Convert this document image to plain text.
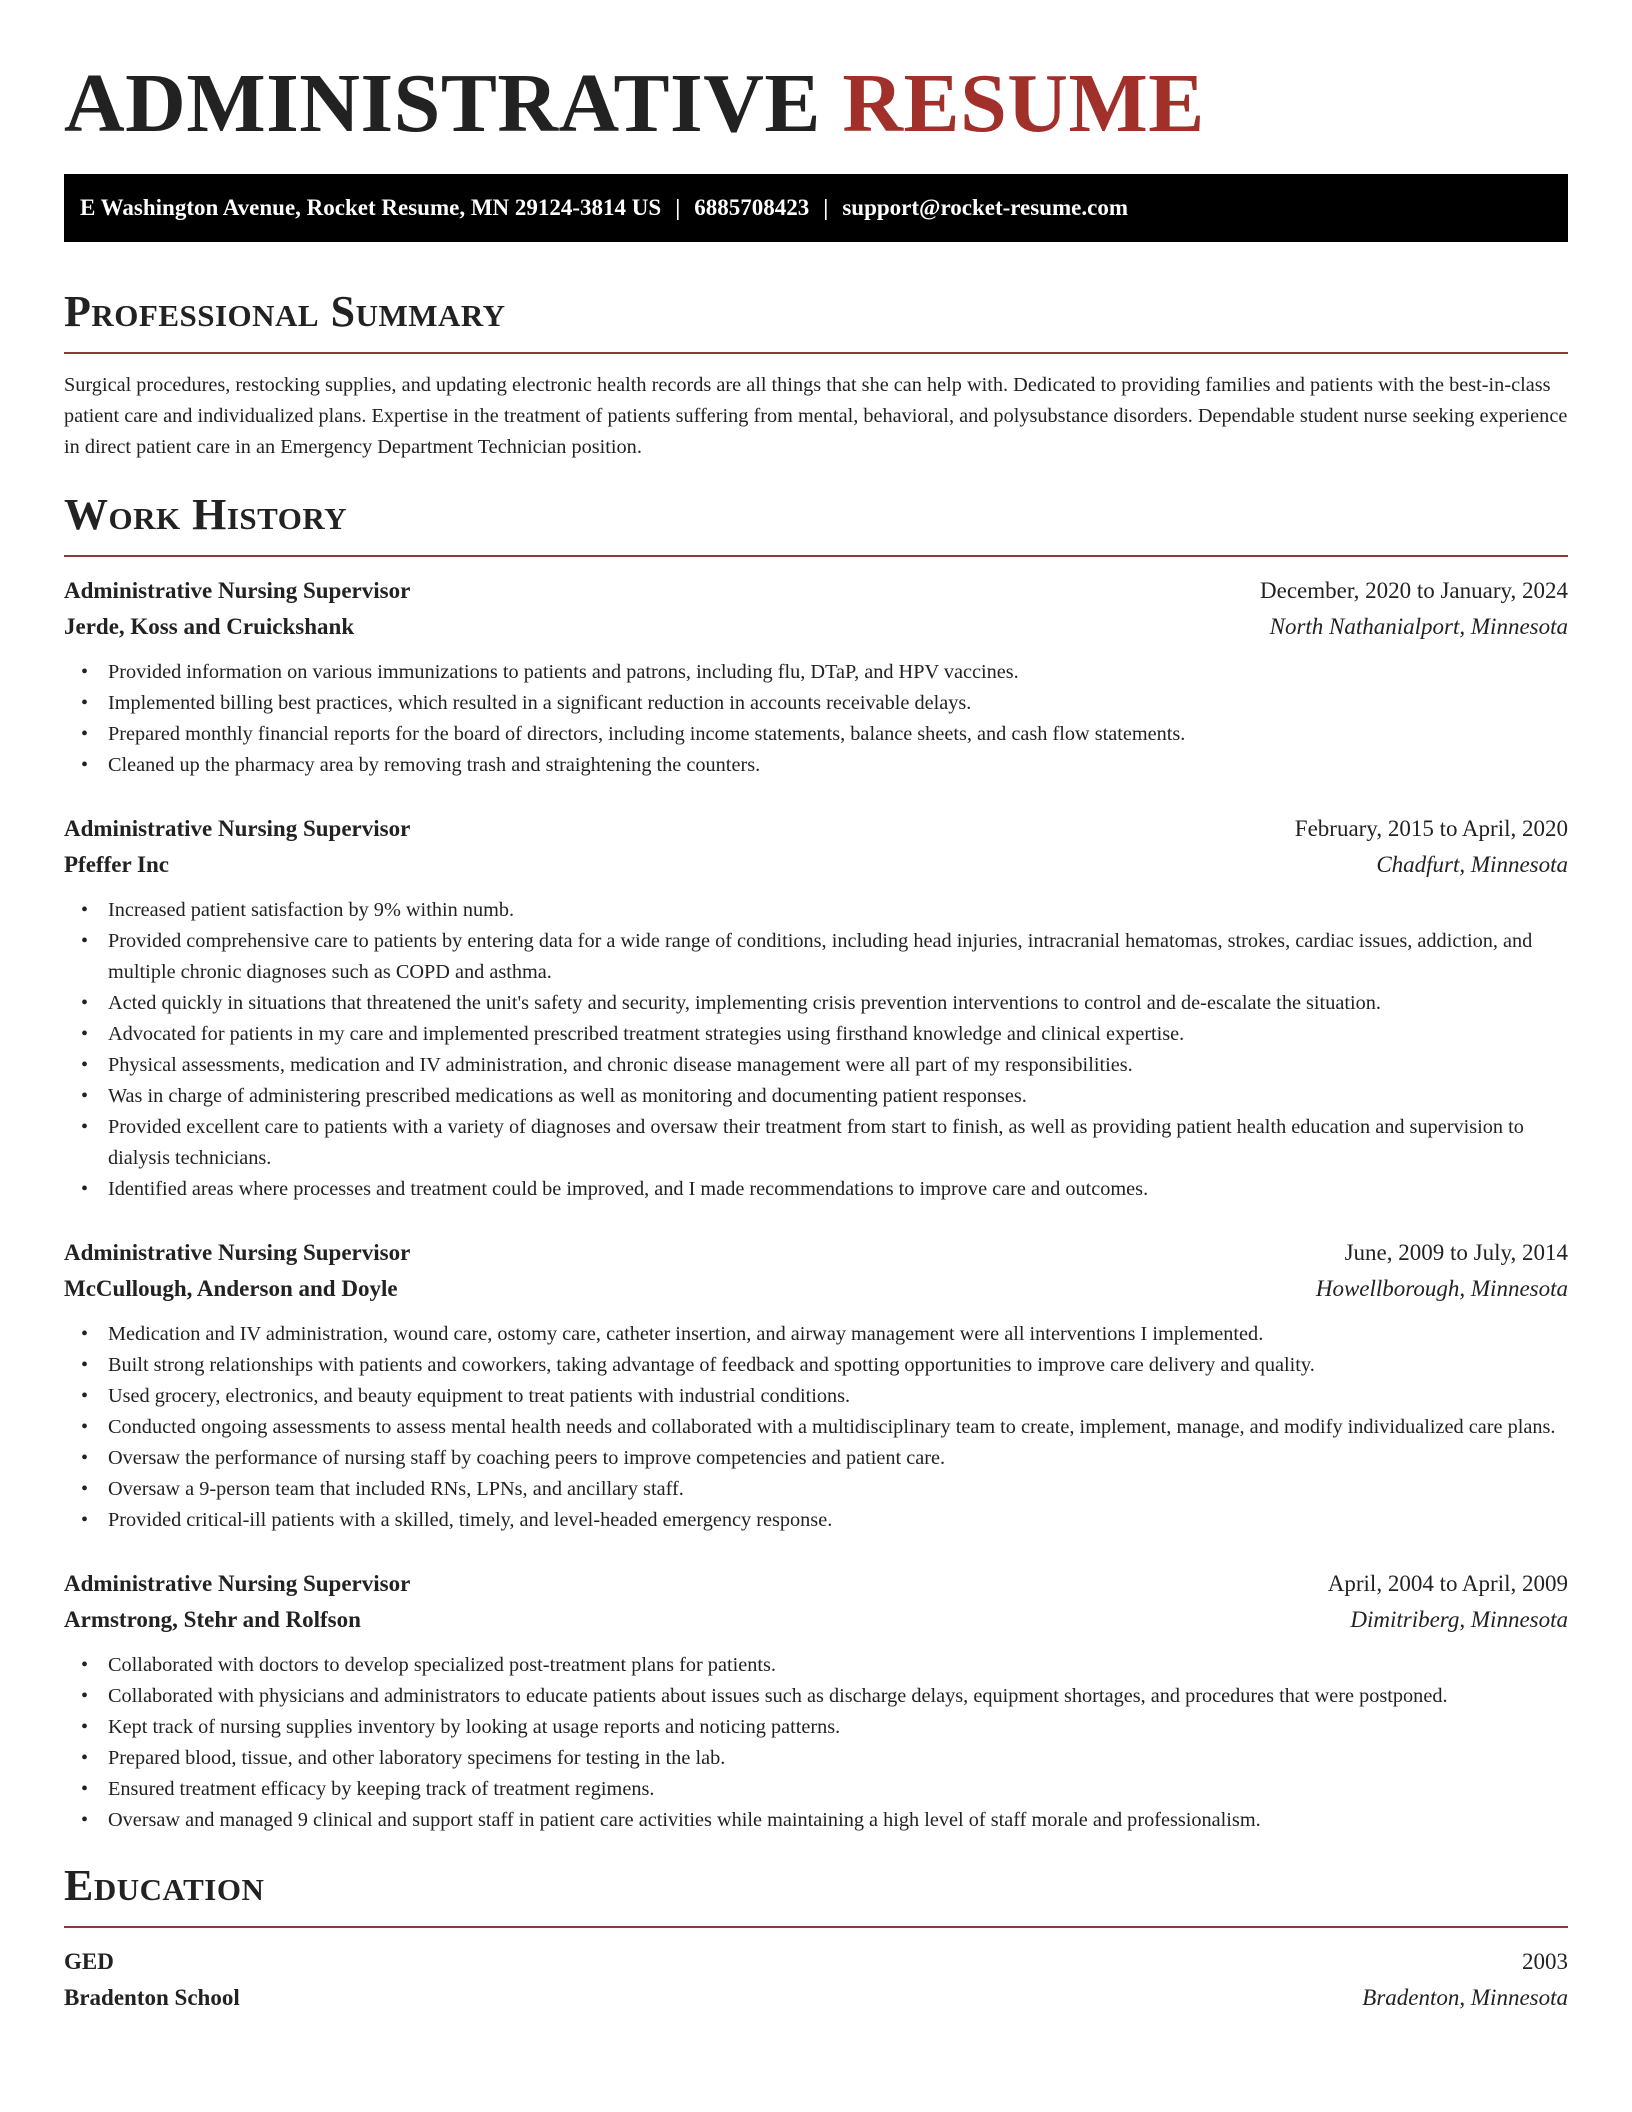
ADMINISTRATIVE RESUME
E Washington Avenue, Rocket Resume, MN 29124-3814 US | 6885708423 | support@rocket-resume.com
Professional Summary

Surgical procedures, restocking supplies, and updating electronic health records are all things that she can help with. Dedicated to providing families and patients with the best-in-class patient care and individualized plans. Expertise in the treatment of patients suffering from mental, behavioral, and polysubstance disorders. Dependable student nurse seeking experience in direct patient care in an Emergency Department Technician position.

Work History
Administrative Nursing Supervisor	December, 2020 to January, 2024
Jerde, Koss and Cruickshank	North Nathanialport, Minnesota
• Provided information on various immunizations to patients and patrons, including flu, DTaP, and HPV vaccines.
• Implemented billing best practices, which resulted in a significant reduction in accounts receivable delays.
• Prepared monthly financial reports for the board of directors, including income statements, balance sheets, and cash flow statements.
• Cleaned up the pharmacy area by removing trash and straightening the counters.
Administrative Nursing Supervisor	February, 2015 to April, 2020
Pfeffer Inc	Chadfurt, Minnesota
• Increased patient satisfaction by 9% within numb.
• Provided comprehensive care to patients by entering data for a wide range of conditions, including head injuries, intracranial hematomas, strokes, cardiac issues, addiction, and multiple chronic diagnoses such as COPD and asthma.
• Acted quickly in situations that threatened the unit's safety and security, implementing crisis prevention interventions to control and de-escalate the situation.
• Advocated for patients in my care and implemented prescribed treatment strategies using firsthand knowledge and clinical expertise.
• Physical assessments, medication and IV administration, and chronic disease management were all part of my responsibilities.
• Was in charge of administering prescribed medications as well as monitoring and documenting patient responses.
• Provided excellent care to patients with a variety of diagnoses and oversaw their treatment from start to finish, as well as providing patient health education and supervision to dialysis technicians.
• Identified areas where processes and treatment could be improved, and I made recommendations to improve care and outcomes.
Administrative Nursing Supervisor	June, 2009 to July, 2014
McCullough, Anderson and Doyle	Howellborough, Minnesota
• Medication and IV administration, wound care, ostomy care, catheter insertion, and airway management were all interventions I implemented.
• Built strong relationships with patients and coworkers, taking advantage of feedback and spotting opportunities to improve care delivery and quality.
• Used grocery, electronics, and beauty equipment to treat patients with industrial conditions.
• Conducted ongoing assessments to assess mental health needs and collaborated with a multidisciplinary team to create, implement, manage, and modify individualized care plans.
• Oversaw the performance of nursing staff by coaching peers to improve competencies and patient care.
• Oversaw a 9-person team that included RNs, LPNs, and ancillary staff.
• Provided critical-ill patients with a skilled, timely, and level-headed emergency response.
Administrative Nursing Supervisor	April, 2004 to April, 2009
Armstrong, Stehr and Rolfson	Dimitriberg, Minnesota
• Collaborated with doctors to develop specialized post-treatment plans for patients.
• Collaborated with physicians and administrators to educate patients about issues such as discharge delays, equipment shortages, and procedures that were postponed.
• Kept track of nursing supplies inventory by looking at usage reports and noticing patterns.
• Prepared blood, tissue, and other laboratory specimens for testing in the lab.
• Ensured treatment efficacy by keeping track of treatment regimens.
• Oversaw and managed 9 clinical and support staff in patient care activities while maintaining a high level of staff morale and professionalism.
Education
GED	2003
Bradenton School	Bradenton, Minnesota
